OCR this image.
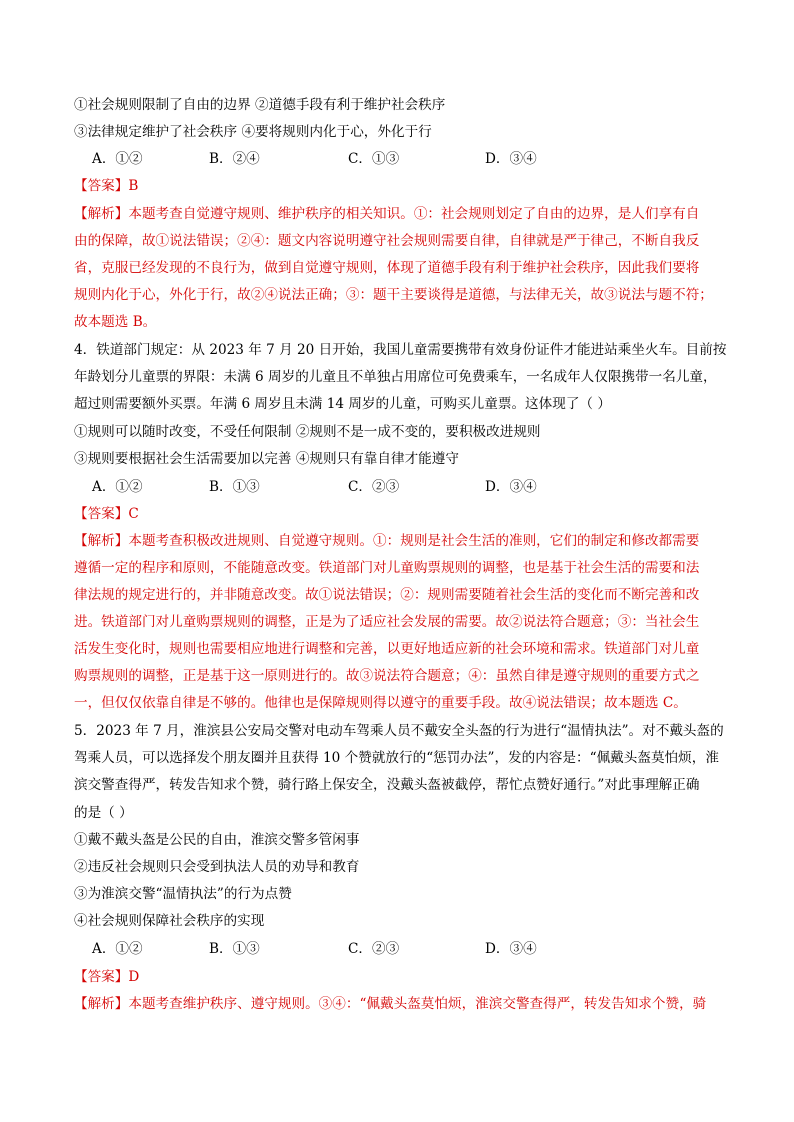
①社会规则限制了自由的边界 ②道德手段有利于维护社会秩序
③法律规定维护了社会秩序 ④要将规则内化于心，外化于行
A．①②	B．②④	C．①③	D．③④
【答案】B
【解析】本题考查自觉遵守规则、维护秩序的相关知识。①：社会规则划定了自由的边界，是人们享有自
由的保障，故①说法错误；②④：题文内容说明遵守社会规则需要自律，自律就是严于律己，不断自我反
省，克服已经发现的不良行为，做到自觉遵守规则，体现了道德手段有利于维护社会秩序，因此我们要将
规则内化于心，外化于行，故②④说法正确；③：题干主要谈得是道德，与法律无关，故③说法与题不符；
故本题选 B。
4．铁道部门规定：从 2023 年 7 月 20 日开始，我国儿童需要携带有效身份证件才能进站乘坐火车。目前按
年龄划分儿童票的界限：未满 6 周岁的儿童且不单独占用席位可免费乘车，一名成年人仅限携带一名儿童，
超过则需要额外买票。年满 6 周岁且未满 14 周岁的儿童，可购买儿童票。这体现了（ ）
①规则可以随时改变，不受任何限制 ②规则不是一成不变的，要积极改进规则
③规则要根据社会生活需要加以完善 ④规则只有靠自律才能遵守
A．①②	B．①③	C．②③	D．③④
【答案】C
【解析】本题考查积极改进规则、自觉遵守规则。①：规则是社会生活的准则，它们的制定和修改都需要
遵循一定的程序和原则，不能随意改变。铁道部门对儿童购票规则的调整，也是基于社会生活的需要和法
律法规的规定进行的，并非随意改变。故①说法错误；②：规则需要随着社会生活的变化而不断完善和改
进。铁道部门对儿童购票规则的调整，正是为了适应社会发展的需要。故②说法符合题意；③：当社会生
活发生变化时，规则也需要相应地进行调整和完善，以更好地适应新的社会环境和需求。铁道部门对儿童
购票规则的调整，正是基于这一原则进行的。故③说法符合题意；④：虽然自律是遵守规则的重要方式之
一，但仅仅依靠自律是不够的。他律也是保障规则得以遵守的重要手段。故④说法错误；故本题选 C。
5．2023 年 7 月，淮滨县公安局交警对电动车驾乘人员不戴安全头盔的行为进行“温情执法”。对不戴头盔的
驾乘人员，可以选择发个朋友圈并且获得 10 个赞就放行的“惩罚办法”，发的内容是：“佩戴头盔莫怕烦，淮
滨交警查得严，转发告知求个赞，骑行路上保安全，没戴头盔被截停，帮忙点赞好通行。”对此事理解正确
的是（ ）
①戴不戴头盔是公民的自由，淮滨交警多管闲事
②违反社会规则只会受到执法人员的劝导和教育
③为淮滨交警“温情执法”的行为点赞
④社会规则保障社会秩序的实现
A．①②	B．①③	C．②③	D．③④
【答案】D
【解析】本题考查维护秩序、遵守规则。③④：“佩戴头盔莫怕烦，淮滨交警查得严，转发告知求个赞，骑
